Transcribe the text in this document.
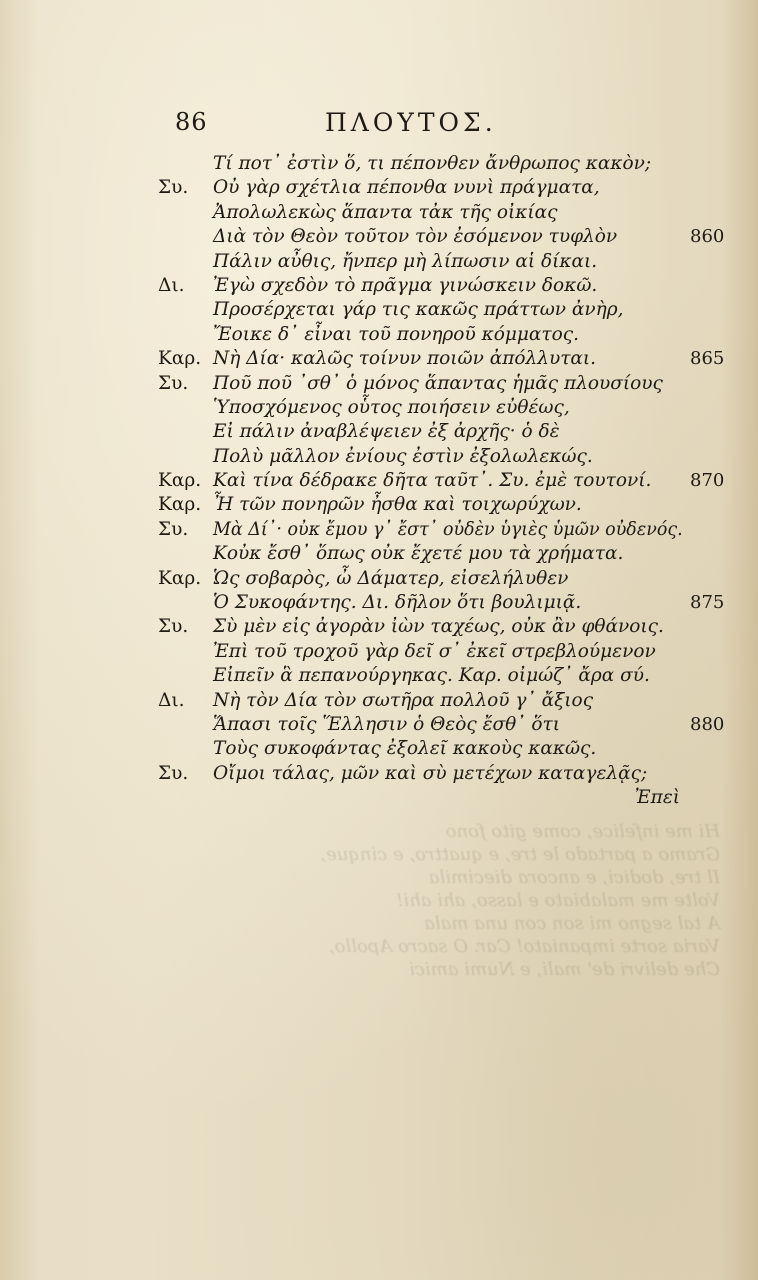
Hi me infelice, come gito fono
Gramo a partado le tre, e quattro, e cinque,
Il tre, dodici, e ancora diecimila
Volte me malabiato e lasso, ahi ahi!
A tal segno mi son con una mala
Varia sorte impaniato! Car. O sacro Apollo,
Che delivri de' mali, e Numi amici
86	ΠΛΟΥΤΟΣ.
Τί ποτ᾽ ἐστὶν ὅ, τι πέπονθεν ἄνθρωπος κακὸν;
Συ. Οὐ γὰρ σχέτλια πέπονθα νυνὶ πράγματα,
Ἀπολωλεκὼς ἅπαντα τἀκ τῆς οἰκίας
Διὰ τὸν Θεὸν τοῦτον τὸν ἐσόμενον τυφλὸν	860
Πάλιν αὖθις, ἤνπερ μὴ λίπωσιν αἱ δίκαι.
Δι. Ἐγὼ σχεδὸν τὸ πρᾶγμα γινώσκειν δοκῶ.
Προσέρχεται γάρ τις κακῶς πράττων ἀνὴρ,
Ἔοικε δ᾽ εἶναι τοῦ πονηροῦ κόμματος.
Καρ. Νὴ Δία· καλῶς τοίνυν ποιῶν ἀπόλλυται.	865
Συ. Ποῦ ποῦ ᾽σθ᾽ ὁ μόνος ἅπαντας ἡμᾶς πλουσίους
Ὑποσχόμενος οὗτος ποιήσειν εὐθέως,
Εἰ πάλιν ἀναβλέψειεν ἐξ ἀρχῆς· ὁ δὲ
Πολὺ μᾶλλον ἐνίους ἐστὶν ἐξολωλεκώς.
Καρ. Καὶ τίνα δέδρακε δῆτα ταῦτ᾽. Συ. ἐμὲ τουτονί. 870
Καρ. Ἦ τῶν πονηρῶν ἦσθα καὶ τοιχωρύχων.
Συ. Μὰ Δί᾽· οὐκ ἔμου γ᾽ ἔστ᾽ οὐδὲν ὑγιὲς ὑμῶν οὐδενός.
Κοὐκ ἔσθ᾽ ὅπως οὐκ ἔχετέ μου τὰ χρήματα.
Καρ. Ὡς σοβαρὸς, ὦ Δάματερ, εἰσελήλυθεν
Ὁ Συκοφάντης. Δι. δῆλον ὅτι βουλιμιᾷ.	875
Συ. Σὺ μὲν εἰς ἀγορὰν ἰὼν ταχέως, οὐκ ἂν φθάνοις.
Ἐπὶ τοῦ τροχοῦ γὰρ δεῖ σ᾽ ἐκεῖ στρεβλούμενον
Εἰπεῖν ἃ πεπανούργηκας. Καρ. οἰμώζ᾽ ἄρα σύ.
Δι. Νὴ τὸν Δία τὸν σωτῆρα πολλοῦ γ᾽ ἄξιος
Ἅπασι τοῖς Ἕλλησιν ὁ Θεὸς ἔσθ᾽ ὅτι	880
Τοὺς συκοφάντας ἐξολεῖ κακοὺς κακῶς.
Συ. Οἴμοι τάλας, μῶν καὶ σὺ μετέχων καταγελᾷς;
Ἐπεὶ
